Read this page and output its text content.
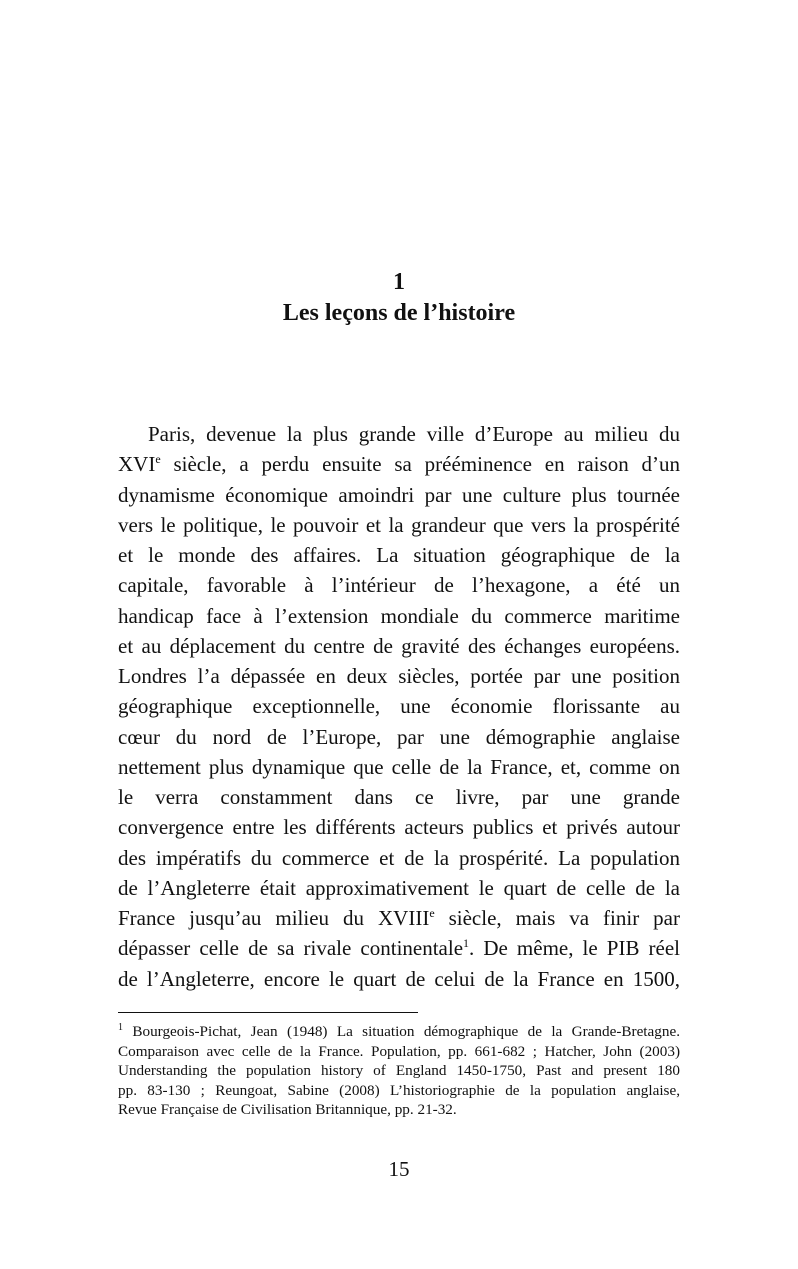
1
Les leçons de l’histoire
Paris, devenue la plus grande ville d’Europe au milieu du
XVIe siècle, a perdu ensuite sa prééminence en raison d’un
dynamisme économique amoindri par une culture plus tournée
vers le politique, le pouvoir et la grandeur que vers la prospérité
et le monde des affaires. La situation géographique de la
capitale, favorable à l’intérieur de l’hexagone, a été un
handicap face à l’extension mondiale du commerce maritime
et au déplacement du centre de gravité des échanges européens.
Londres l’a dépassée en deux siècles, portée par une position
géographique exceptionnelle, une économie florissante au
cœur du nord de l’Europe, par une démographie anglaise
nettement plus dynamique que celle de la France, et, comme on
le verra constamment dans ce livre, par une grande
convergence entre les différents acteurs publics et privés autour
des impératifs du commerce et de la prospérité. La population
de l’Angleterre était approximativement le quart de celle de la
France jusqu’au milieu du XVIIIe siècle, mais va finir par
dépasser celle de sa rivale continentale$^1$. De même, le PIB réel
de l’Angleterre, encore le quart de celui de la France en 1500,
$^1$ Bourgeois-Pichat, Jean (1948) La situation démographique de la Grande-Bretagne.
Comparaison avec celle de la France. Population, pp. 661-682 ; Hatcher, John (2003)
Understanding the population history of England 1450-1750, Past and present 180
pp. 83-130 ; Reungoat, Sabine (2008) L’historiographie de la population anglaise,
Revue Française de Civilisation Britannique, pp. 21-32.
15
